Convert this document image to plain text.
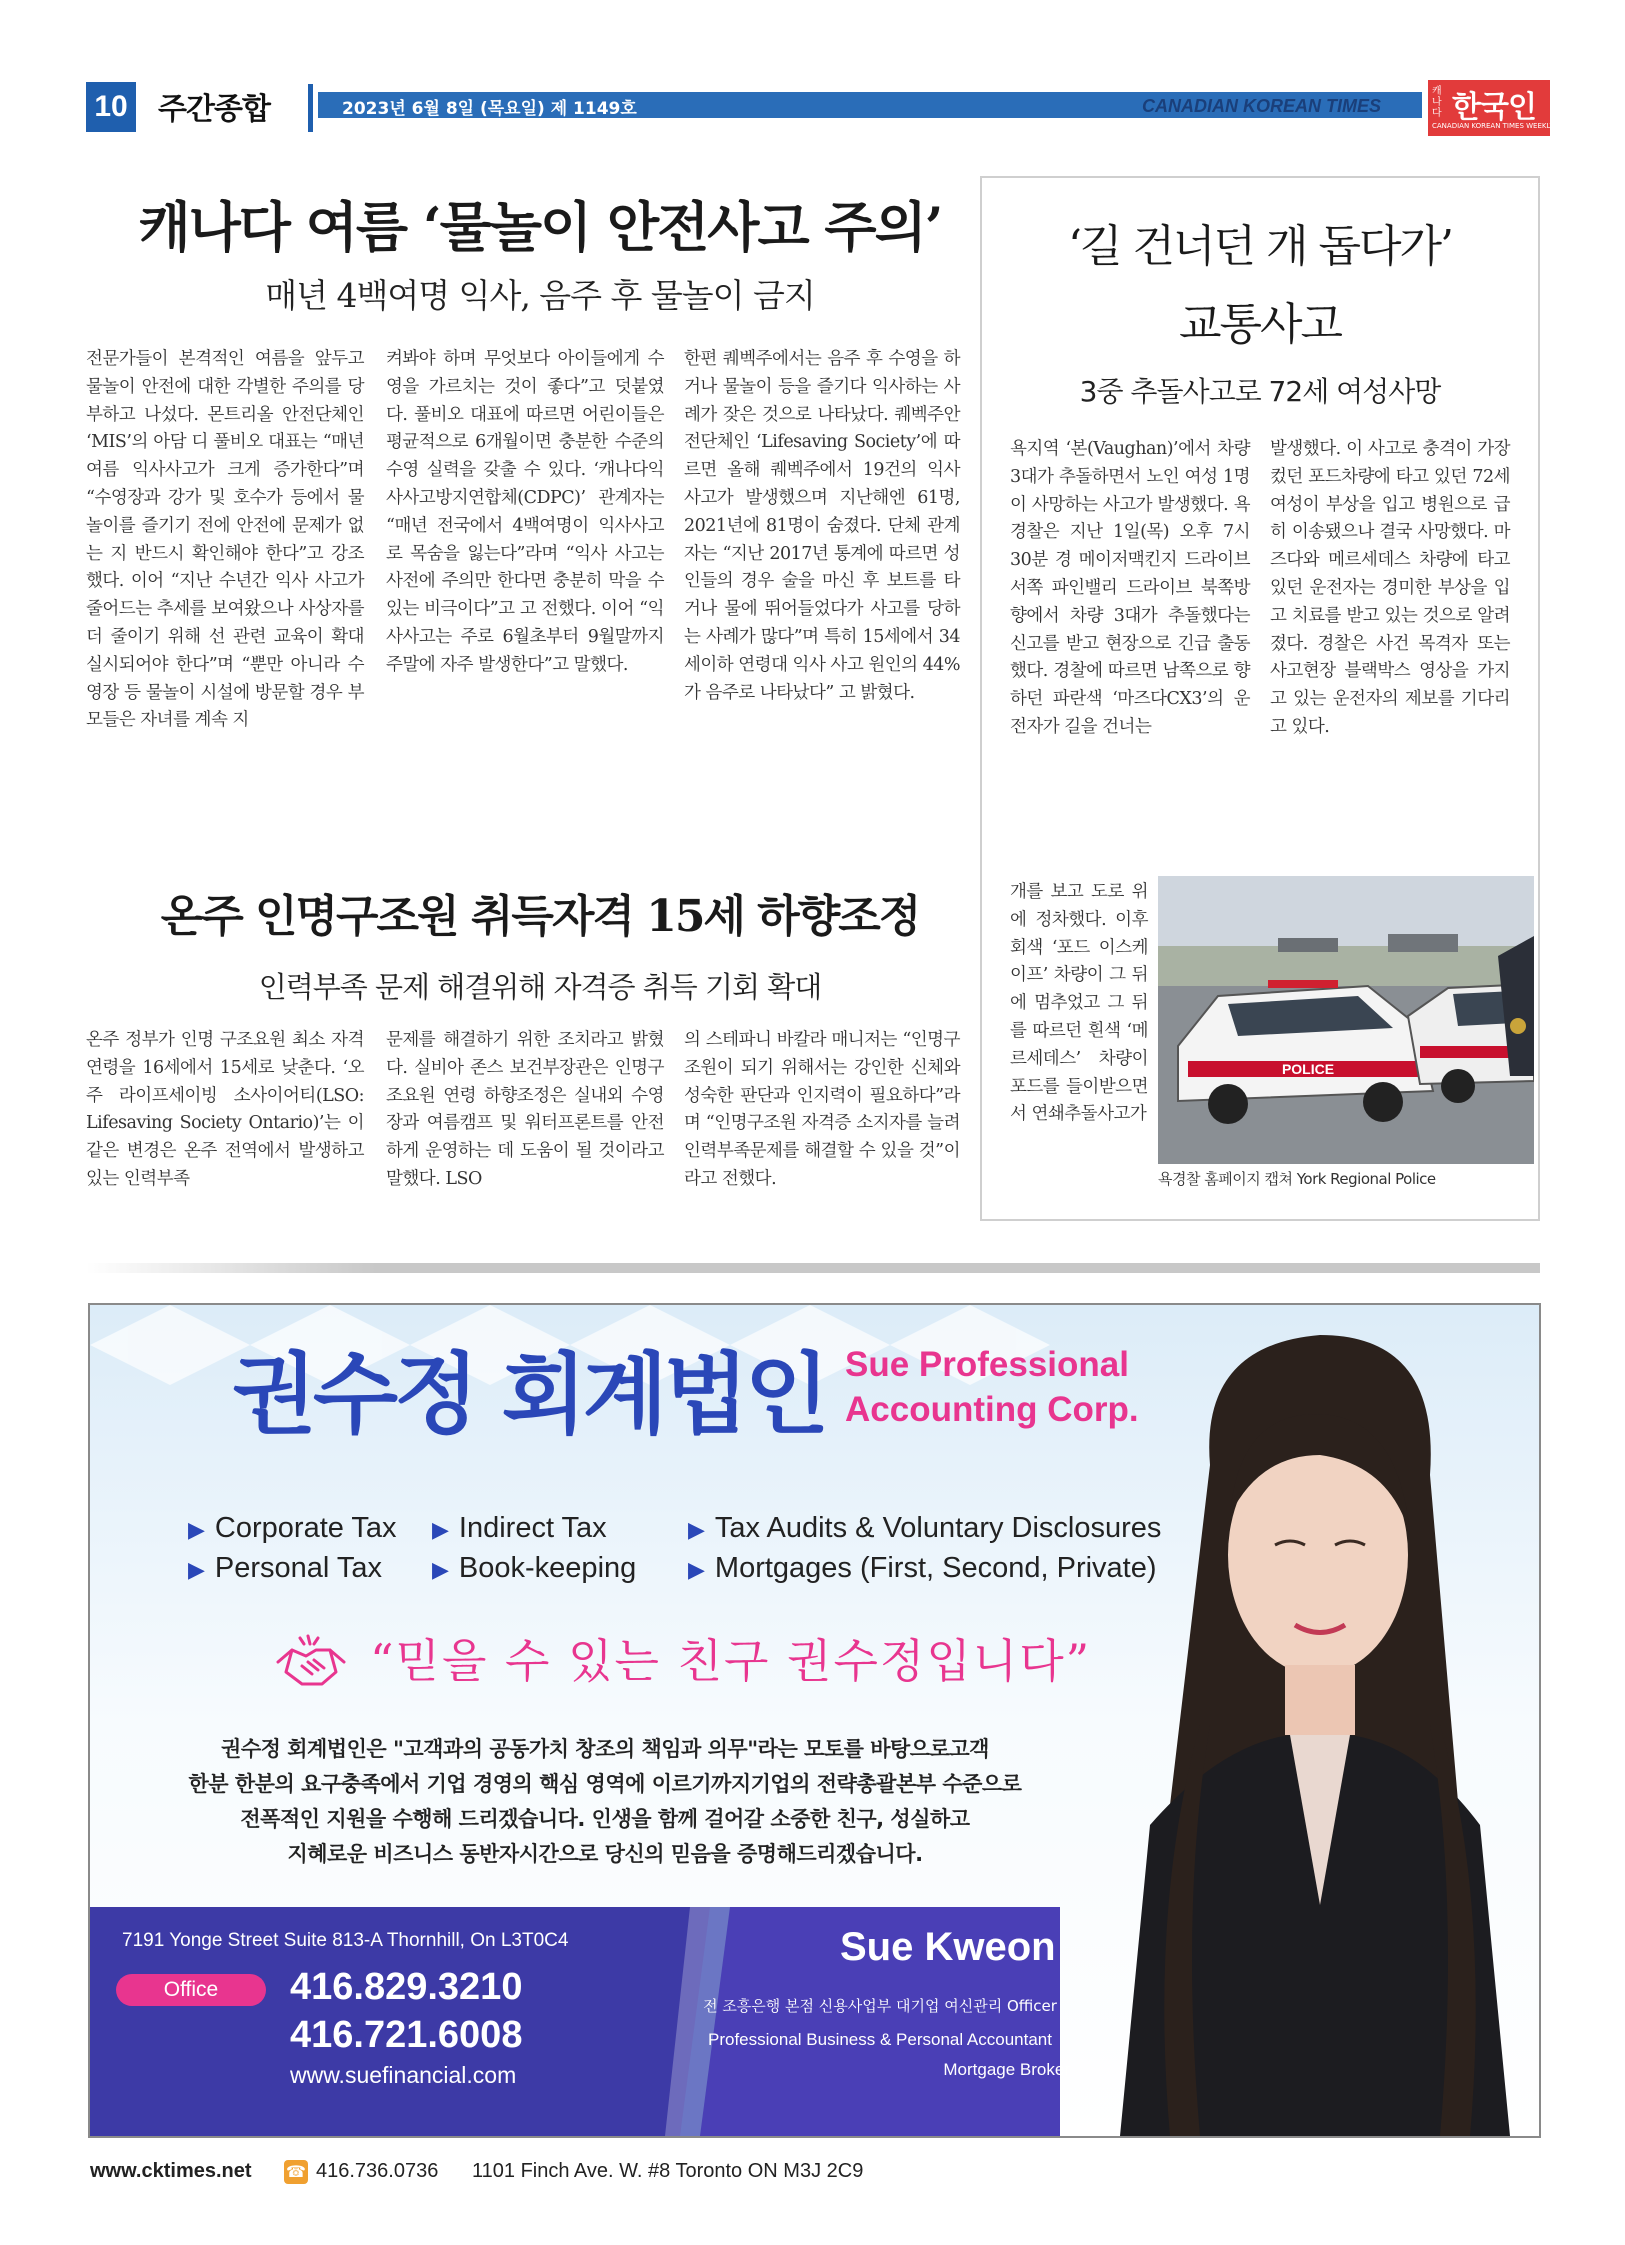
10 주간종합	2023년 6월 8일 (목요일) 제 1149호	CANADIAN KOREAN TIMES
캐나다 한국인
CANADIAN KOREAN TIMES WEEKLY
캐나다 여름 ‘물놀이 안전사고 주의’
매년 4백여명 익사, 음주 후 물놀이 금지
전문가들이 본격적인 여름을 앞두고 물놀이 안전에 대한 각별한 주의를 당부하고 나섰다. 몬트리올 안전단체인 ‘MIS’의 아담 디 풀비오 대표는 “매년 여름 익사사고가 크게 증가한다”며 “수영장과 강가 및 호수가 등에서 물놀이를 즐기기 전에 안전에 문제가 없는 지 반드시 확인해야 한다”고 강조했다. 이어 “지난 수년간 익사 사고가 줄어드는 추세를 보여왔으나 사상자를 더 줄이기 위해 선 관련 교육이 확대 실시되어야 한다”며 “뿐만 아니라 수영장 등 물놀이 시설에 방문할 경우 부모들은 자녀를 계속 지
켜봐야 하며 무엇보다 아이들에게 수영을 가르치는 것이 좋다”고 덧붙였다. 풀비오 대표에 따르면 어린이들은 평균적으로 6개월이면 충분한 수준의 수영 실력을 갖출 수 있다. ‘캐나다익사사고방지연합체(CDPC)’ 관계자는 “매년 전국에서 4백여명이 익사사고로 목숨을 잃는다”라며 “익사 사고는 사전에 주의만 한다면 충분히 막을 수 있는 비극이다”고 고 전했다. 이어 “익사사고는 주로 6월초부터 9월말까지 주말에 자주 발생한다”고 말했다.
한편 퀘벡주에서는 음주 후 수영을 하거나 물놀이 등을 즐기다 익사하는 사례가 잦은 것으로 나타났다. 퀘벡주안전단체인 ‘Lifesaving Society’에 따르면 올해 퀘벡주에서 19건의 익사 사고가 발생했으며 지난해엔 61명, 2021년에 81명이 숨졌다. 단체 관계자는 “지난 2017년 통계에 따르면 성인들의 경우 술을 마신 후 보트를 타거나 물에 뛰어들었다가 사고를 당하는 사례가 많다”며 특히 15세에서 34세이하 연령대 익사 사고 원인의 44%가 음주로 나타났다” 고 밝혔다.
온주 인명구조원 취득자격 15세 하향조정
인력부족 문제 해결위해 자격증 취득 기회 확대
온주 정부가 인명 구조요원 최소 자격연령을 16세에서 15세로 낮춘다. ‘오주 라이프세이빙 소사이어티(LSO: Lifesaving Society Ontario)’는 이같은 변경은 온주 전역에서 발생하고 있는 인력부족
문제를 해결하기 위한 조치라고 밝혔다. 실비아 존스 보건부장관은 인명구조요원 연령 하향조정은 실내외 수영장과 여름캠프 및 워터프론트를 안전하게 운영하는 데 도움이 될 것이라고 말했다. LSO
의 스테파니 바칼라 매니저는 “인명구조원이 되기 위해서는 강인한 신체와 성숙한 판단과 인지력이 필요하다”라며 “인명구조원 자격증 소지자를 늘려 인력부족문제를 해결할 수 있을 것”이라고 전했다.
‘길 건너던 개 돕다가’
교통사고
3중 추돌사고로 72세 여성사망
욕지역 ‘본(Vaughan)’에서 차량 3대가 추돌하면서 노인 여성 1명이 사망하는 사고가 발생했다. 욕경찰은 지난 1일(목) 오후 7시 30분 경 메이저맥킨지 드라이브 서쪽 파인밸리 드라이브 북쪽방향에서 차량 3대가 추돌했다는 신고를 받고 현장으로 긴급 출동했다. 경찰에 따르면 남쪽으로 향하던 파란색 ‘마즈다CX3’의 운전자가 길을 건너는
발생했다. 이 사고로 충격이 가장 컸던 포드차량에 타고 있던 72세 여성이 부상을 입고 병원으로 급히 이송됐으나 결국 사망했다. 마즈다와 메르세데스 차량에 타고 있던 운전자는 경미한 부상을 입고 치료를 받고 있는 것으로 알려졌다. 경찰은 사건 목격자 또는 사고현장 블랙박스 영상을 가지고 있는 운전자의 제보를 기다리고 있다.
개를 보고 도로 위에 정차했다. 이후 회색 ‘포드 이스케이프’ 차량이 그 뒤에 멈추었고 그 뒤를 따르던 흰색 ‘메르세데스’ 차량이 포드를 들이받으면서 연쇄추돌사고가
POLICE
욕경찰 홈페이지 캡쳐 York Regional Police
권수정 회계법인 Sue Professional
Accounting Corp.
▶ Corporate Tax ▶ Indirect Tax	▶ Tax Audits & Voluntary Disclosures
▶ Personal Tax ▶ Book-keeping ▶ Mortgages (First, Second, Private)
“믿을 수 있는 친구 권수정입니다”
권수정 회계법인은 "고객과의 공동가치 창조의 책임과 의무"라는 모토를 바탕으로고객
한분 한분의 요구충족에서 기업 경영의 핵심 영역에 이르기까지기업의 전략총괄본부 수준으로
전폭적인 지원을 수행해 드리겠습니다. 인생을 함께 걸어갈 소중한 친구, 성실하고
지혜로운 비즈니스 동반자시간으로 당신의 믿음을 증명해드리겠습니다.
7191 Yonge Street Suite 813-A Thornhill, On L3T0C4
Office	416.829.3210
416.721.6008
www.suefinancial.com
Sue Kweon
전 조흥은행 본점 신용사업부 대기업 여신관리 Officer
Professional Business & Personal Accountant
Mortgage Broker
www.cktimes.net ☎ 416.736.0736 1101 Finch Ave. W. #8 Toronto ON M3J 2C9
